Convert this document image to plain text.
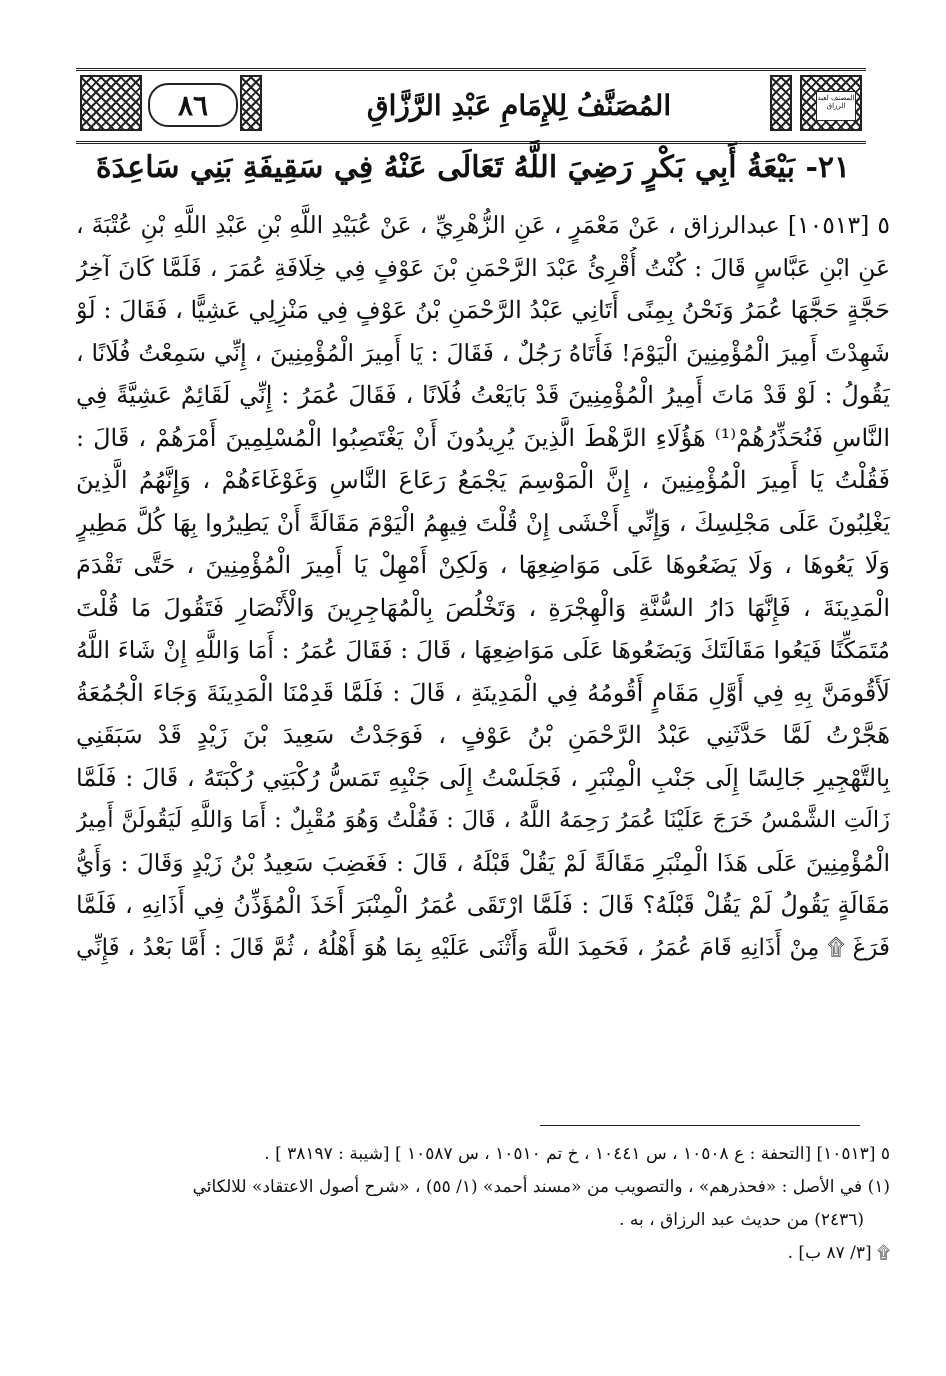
٨٦	المُصَنَّفُ لِلإِمَامِ عَبْدِ الرَّزَّاقِ	المصنف لعبد الرزاق
٢١- بَيْعَةُ أَبِي بَكْرٍ رَضِيَ اللَّهُ تَعَالَى عَنْهُ فِي سَقِيفَةِ بَنِي سَاعِدَةَ
٥ [١٠٥١٣] عبدالرزاق ، عَنْ مَعْمَرٍ ، عَنِ الزُّهْرِيِّ ، عَنْ عُبَيْدِ اللَّهِ بْنِ عَبْدِ اللَّهِ بْنِ عُتْبَةَ ،
عَنِ ابْنِ عَبَّاسٍ قَالَ : كُنْتُ أُقْرِئُ عَبْدَ الرَّحْمَنِ بْنَ عَوْفٍ فِي خِلَافَةِ عُمَرَ ، فَلَمَّا كَانَ آخِرُ
حَجَّةٍ حَجَّهَا عُمَرُ وَنَحْنُ بِمِنًى أَتَانِي عَبْدُ الرَّحْمَنِ بْنُ عَوْفٍ فِي مَنْزِلِي عَشِيًّا ، فَقَالَ : لَوْ
شَهِدْتَ أَمِيرَ الْمُؤْمِنِينَ الْيَوْمَ! فَأَتَاهُ رَجُلٌ ، فَقَالَ : يَا أَمِيرَ الْمُؤْمِنِينَ ، إِنِّي سَمِعْتُ فُلَانًا ،
يَقُولُ : لَوْ قَدْ مَاتَ أَمِيرُ الْمُؤْمِنِينَ قَدْ بَايَعْتُ فُلَانًا ، فَقَالَ عُمَرُ : إِنِّي لَقَائِمٌ عَشِيَّةً فِي
النَّاسِ فَنُحَذِّرُهُمْ⁽¹⁾ هَؤُلَاءِ الرَّهْطَ الَّذِينَ يُرِيدُونَ أَنْ يَغْتَصِبُوا الْمُسْلِمِينَ أَمْرَهُمْ ، قَالَ :
فَقُلْتُ يَا أَمِيرَ الْمُؤْمِنِينَ ، إِنَّ الْمَوْسِمَ يَجْمَعُ رَعَاعَ النَّاسِ وَغَوْغَاءَهُمْ ، وَإِنَّهُمُ الَّذِينَ
يَغْلِبُونَ عَلَى مَجْلِسِكَ ، وَإِنِّي أَخْشَى إِنْ قُلْتَ فِيهِمُ الْيَوْمَ مَقَالَةً أَنْ يَطِيرُوا بِهَا كُلَّ مَطِيرٍ
وَلَا يَعُوهَا ، وَلَا يَضَعُوهَا عَلَى مَوَاضِعِهَا ، وَلَكِنْ أَمْهِلْ يَا أَمِيرَ الْمُؤْمِنِينَ ، حَتَّى تَقْدَمَ
الْمَدِينَةَ ، فَإِنَّهَا دَارُ السُّنَّةِ وَالْهِجْرَةِ ، وَتَخْلُصَ بِالْمُهَاجِرِينَ وَالْأَنْصَارِ فَتَقُولَ مَا قُلْتَ
مُتَمَكِّنًا فَيَعُوا مَقَالَتَكَ وَيَضَعُوهَا عَلَى مَوَاضِعِهَا ، قَالَ : فَقَالَ عُمَرُ : أَمَا وَاللَّهِ إِنْ شَاءَ اللَّهُ
لَأَقُومَنَّ بِهِ فِي أَوَّلِ مَقَامٍ أَقُومُهُ فِي الْمَدِينَةِ ، قَالَ : فَلَمَّا قَدِمْنَا الْمَدِينَةَ وَجَاءَ الْجُمُعَةُ
هَجَّرْتُ لَمَّا حَدَّثَنِي عَبْدُ الرَّحْمَنِ بْنُ عَوْفٍ ، فَوَجَدْتُ سَعِيدَ بْنَ زَيْدٍ قَدْ سَبَقَنِي
بِالتَّهْجِيرِ جَالِسًا إِلَى جَنْبِ الْمِنْبَرِ ، فَجَلَسْتُ إِلَى جَنْبِهِ تَمَسُّ رُكْبَتِي رُكْبَتَهُ ، قَالَ : فَلَمَّا
زَالَتِ الشَّمْسُ خَرَجَ عَلَيْنَا عُمَرُ رَحِمَهُ اللَّهُ ، قَالَ : فَقُلْتُ وَهُوَ مُقْبِلٌ : أَمَا وَاللَّهِ لَيَقُولَنَّ أَمِيرُ
الْمُؤْمِنِينَ عَلَى هَذَا الْمِنْبَرِ مَقَالَةً لَمْ يَقُلْ قَبْلَهُ ، قَالَ : فَغَضِبَ سَعِيدُ بْنُ زَيْدٍ وَقَالَ : وَأَيُّ
مَقَالَةٍ يَقُولُ لَمْ يَقُلْ قَبْلَهُ؟ قَالَ : فَلَمَّا ارْتَقَى عُمَرُ الْمِنْبَرَ أَخَذَ الْمُؤَذِّنُ فِي أَذَانِهِ ، فَلَمَّا
فَرَغَ ۩ مِنْ أَذَانِهِ قَامَ عُمَرُ ، فَحَمِدَ اللَّهَ وَأَثْنَى عَلَيْهِ بِمَا هُوَ أَهْلُهُ ، ثُمَّ قَالَ : أَمَّا بَعْدُ ، فَإِنِّي
٥ [١٠٥١٣] [التحفة : ع ١٠٥٠٨ ، س ١٠٤٤١ ، خ تم ١٠٥١٠ ، س ١٠٥٨٧ ] [شيبة : ٣٨١٩٧ ] .
(١) في الأصل : «فحذرهم» ، والتصويب من «مسند أحمد» (١/ ٥٥) ، «شرح أصول الاعتقاد» للالكائي
(٢٤٣٦) من حديث عبد الرزاق ، به .
۩ [٣/ ٨٧ ب] .
